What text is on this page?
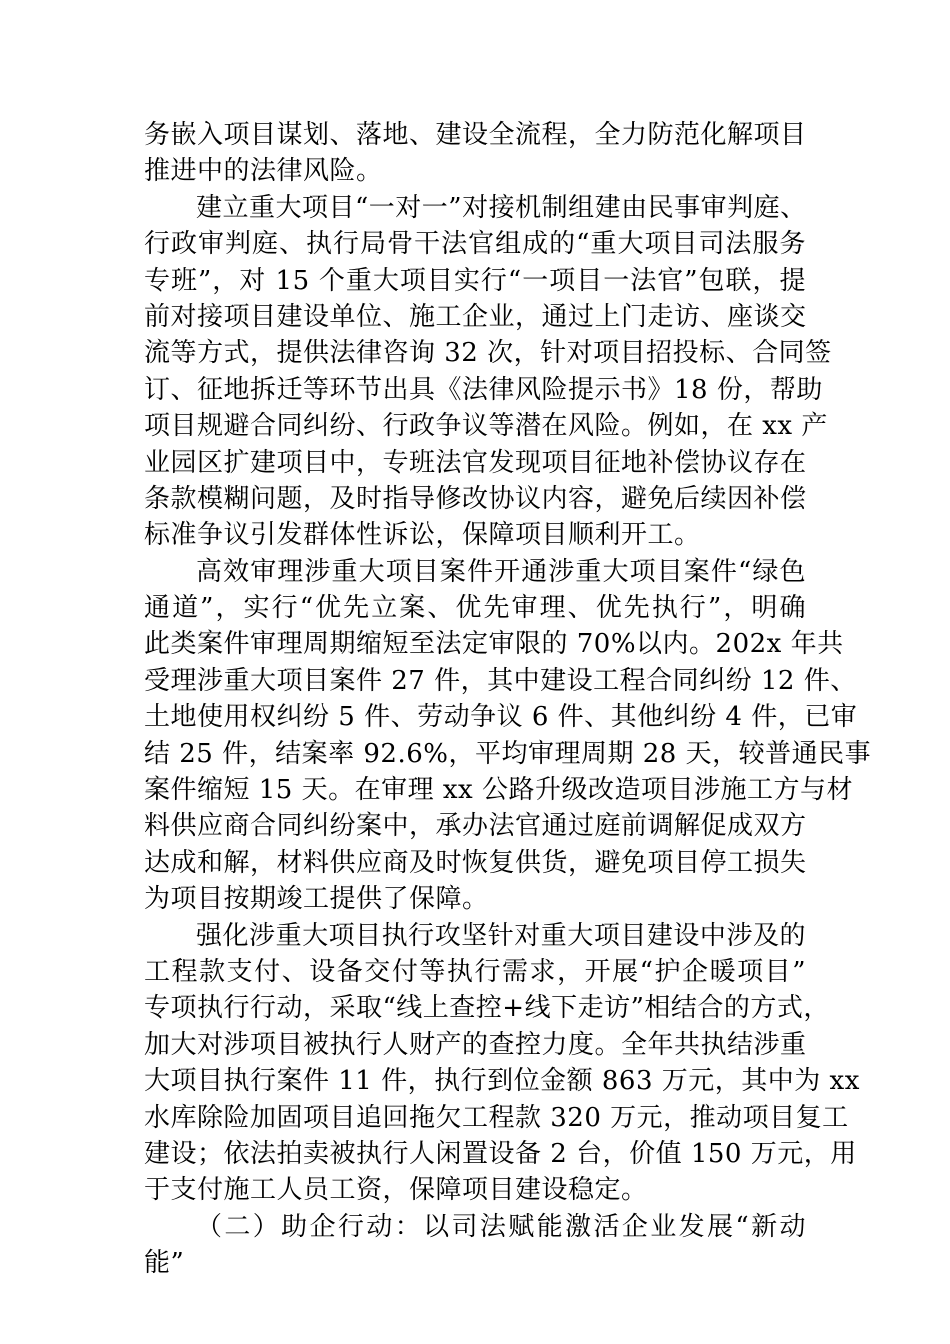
务嵌入项目谋划、落地、建设全流程，全力防范化解项目
推进中的法律风险。
建立重大项目“一对一”对接机制组建由民事审判庭、
行政审判庭、执行局骨干法官组成的“重大项目司法服务
专班”，对 15 个重大项目实行“一项目一法官”包联，提
前对接项目建设单位、施工企业，通过上门走访、座谈交
流等方式，提供法律咨询 32 次，针对项目招投标、合同签
订、征地拆迁等环节出具《法律风险提示书》18 份，帮助
项目规避合同纠纷、行政争议等潜在风险。例如，在 xx 产
业园区扩建项目中，专班法官发现项目征地补偿协议存在
条款模糊问题，及时指导修改协议内容，避免后续因补偿
标准争议引发群体性诉讼，保障项目顺利开工。
高效审理涉重大项目案件开通涉重大项目案件“绿色
通道”，实行“优先立案、优先审理、优先执行”，明确
此类案件审理周期缩短至法定审限的 70%以内。202x 年共
受理涉重大项目案件 27 件，其中建设工程合同纠纷 12 件、
土地使用权纠纷 5 件、劳动争议 6 件、其他纠纷 4 件，已审
结 25 件，结案率 92.6%，平均审理周期 28 天，较普通民事
案件缩短 15 天。在审理 xx 公路升级改造项目涉施工方与材
料供应商合同纠纷案中，承办法官通过庭前调解促成双方
达成和解，材料供应商及时恢复供货，避免项目停工损失
为项目按期竣工提供了保障。
强化涉重大项目执行攻坚针对重大项目建设中涉及的
工程款支付、设备交付等执行需求，开展“护企暖项目”
专项执行行动，采取“线上查控+线下走访”相结合的方式，
加大对涉项目被执行人财产的查控力度。全年共执结涉重
大项目执行案件 11 件，执行到位金额 863 万元，其中为 xx
水库除险加固项目追回拖欠工程款 320 万元，推动项目复工
建设；依法拍卖被执行人闲置设备 2 台，价值 150 万元，用
于支付施工人员工资，保障项目建设稳定。
（二）助企行动：以司法赋能激活企业发展“新动
能”
